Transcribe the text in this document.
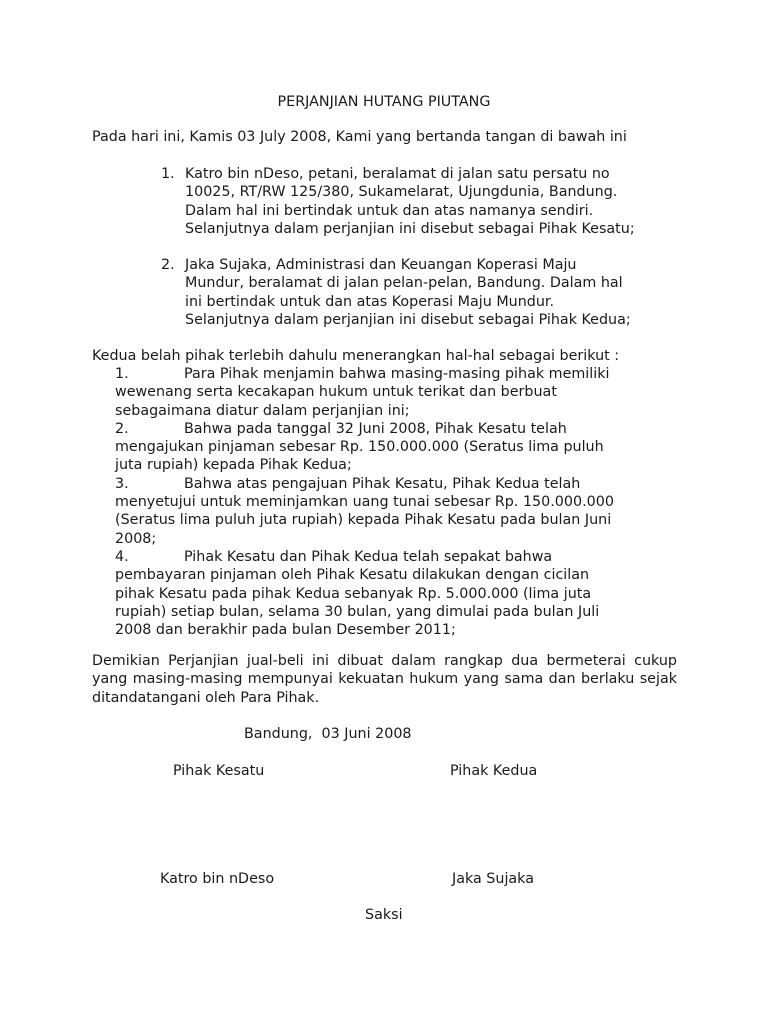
PERJANJIAN HUTANG PIUTANG

Pada hari ini, Kamis 03 July 2008, Kami yang bertanda tangan di bawah ini

1. Katro bin nDeso, petani, beralamat di jalan satu persatu no
10025, RT/RW 125/380, Sukamelarat, Ujungdunia, Bandung.
Dalam hal ini bertindak untuk dan atas namanya sendiri.
Selanjutnya dalam perjanjian ini disebut sebagai Pihak Kesatu;
2. Jaka Sujaka, Administrasi dan Keuangan Koperasi Maju
Mundur, beralamat di jalan pelan-pelan, Bandung. Dalam hal
ini bertindak untuk dan atas Koperasi Maju Mundur.
Selanjutnya dalam perjanjian ini disebut sebagai Pihak Kedua;

Kedua belah pihak terlebih dahulu menerangkan hal-hal sebagai berikut :

1.	Para Pihak menjamin bahwa masing-masing pihak memiliki
wewenang serta kecakapan hukum untuk terikat dan berbuat
sebagaimana diatur dalam perjanjian ini;
2.	Bahwa pada tanggal 32 Juni 2008, Pihak Kesatu telah
mengajukan pinjaman sebesar Rp. 150.000.000 (Seratus lima puluh
juta rupiah) kepada Pihak Kedua;
3.	Bahwa atas pengajuan Pihak Kesatu, Pihak Kedua telah
menyetujui untuk meminjamkan uang tunai sebesar Rp. 150.000.000
(Seratus lima puluh juta rupiah) kepada Pihak Kesatu pada bulan Juni
2008;
4.	Pihak Kesatu dan Pihak Kedua telah sepakat bahwa
pembayaran pinjaman oleh Pihak Kesatu dilakukan dengan cicilan
pihak Kesatu pada pihak Kedua sebanyak Rp. 5.000.000 (lima juta
rupiah) setiap bulan, selama 30 bulan, yang dimulai pada bulan Juli
2008 dan berakhir pada bulan Desember 2011;

Demikian Perjanjian jual-beli ini dibuat dalam rangkap dua bermeterai cukup yang masing-masing mempunyai kekuatan hukum yang sama dan berlaku sejak ditandatangani oleh Para Pihak.

Bandung,  03 Juni 2008

Pihak Kesatu	Pihak Kedua

Katro bin nDeso	Jaka Sujaka

Saksi
